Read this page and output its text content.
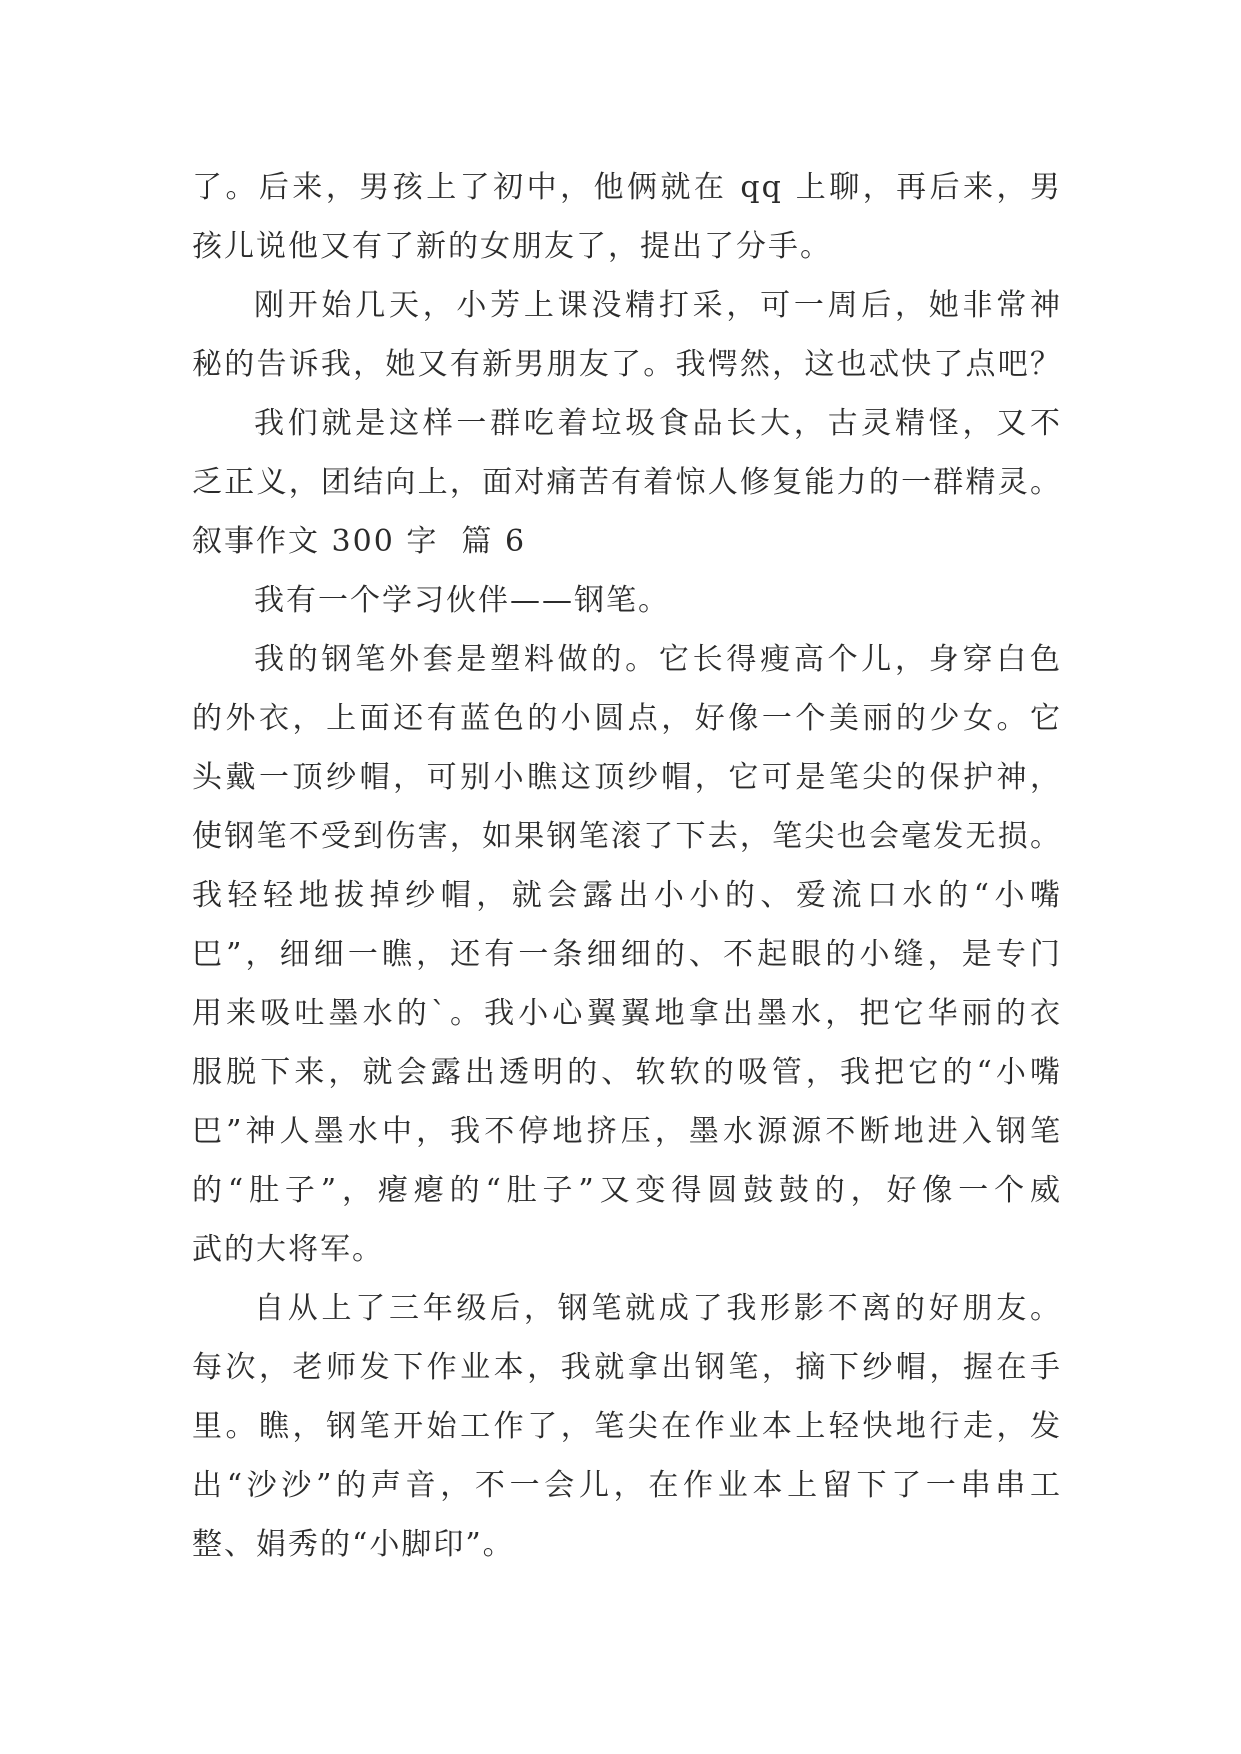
了。后来，男孩上了初中，他俩就在 qq 上聊，再后来，男
孩儿说他又有了新的女朋友了，提出了分手。
刚开始几天，小芳上课没精打采，可一周后，她非常神
秘的告诉我，她又有新男朋友了。我愕然，这也忒快了点吧？
我们就是这样一群吃着垃圾食品长大，古灵精怪，又不
乏正义，团结向上，面对痛苦有着惊人修复能力的一群精灵。
叙事作文 300 字  篇 6
我有一个学习伙伴——钢笔。
我的钢笔外套是塑料做的。它长得瘦高个儿，身穿白色
的外衣，上面还有蓝色的小圆点，好像一个美丽的少女。它
头戴一顶纱帽，可别小瞧这顶纱帽，它可是笔尖的保护神，
使钢笔不受到伤害，如果钢笔滚了下去，笔尖也会毫发无损。
我轻轻地拔掉纱帽，就会露出小小的、爱流口水的“小嘴
巴”，细细一瞧，还有一条细细的、不起眼的小缝，是专门
用来吸吐墨水的`。我小心翼翼地拿出墨水，把它华丽的衣
服脱下来，就会露出透明的、软软的吸管，我把它的“小嘴
巴”神人墨水中，我不停地挤压，墨水源源不断地进入钢笔
的“肚子”，瘪瘪的“肚子”又变得圆鼓鼓的，好像一个威
武的大将军。
自从上了三年级后，钢笔就成了我形影不离的好朋友。
每次，老师发下作业本，我就拿出钢笔，摘下纱帽，握在手
里。瞧，钢笔开始工作了，笔尖在作业本上轻快地行走，发
出“沙沙”的声音，不一会儿，在作业本上留下了一串串工
整、娟秀的“小脚印”。
